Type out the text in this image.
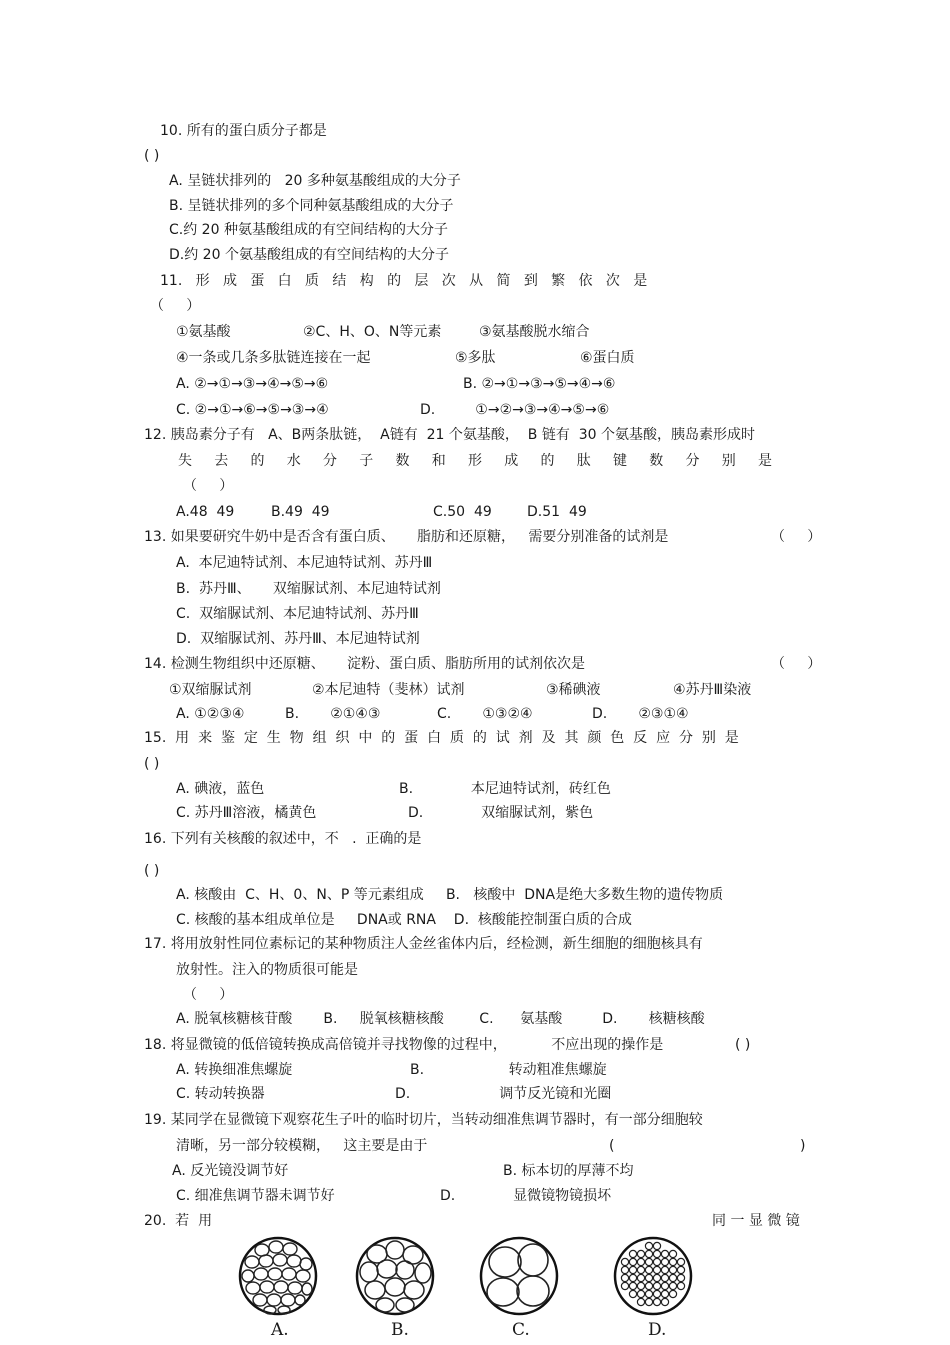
10. 所有的蛋白质分子都是
( )
A. 呈链状排列的   20 多种氨基酸组成的大分子
B. 呈链状排列的多个同种氨基酸组成的大分子
C.约 20 种氨基酸组成的有空间结构的大分子
D.约 20 个氨基酸组成的有空间结构的大分子
11.   形   成   蛋   白   质   结   构   的   层   次   从   简   到   繁   依   次   是
（     ）
①氨基酸	②C、H、O、N等元素	③氨基酸脱水缩合
④一条或几条多肽链连接在一起	⑤多肽	⑥蛋白质
A. ②→①→③→④→⑤→⑥	B. ②→①→③→⑤→④→⑥
C. ②→①→⑥→⑤→③→④	D.         ①→②→③→④→⑤→⑥
12. 胰岛素分子有   A、B两条肽链，  A链有  21 个氨基酸，  B 链有  30 个氨基酸，胰岛素形成时
失     去     的     水     分     子     数     和     形     成     的     肽     键     数     分     别     是
（     ）
A.48  49	B.49  49	C.50  49	D.51  49
13. 如果要研究牛奶中是否含有蛋白质、     脂肪和还原糖，   需要分别准备的试剂是	（     ）
A.  本尼迪特试剂、本尼迪特试剂、苏丹Ⅲ
B.  苏丹Ⅲ、     双缩脲试剂、本尼迪特试剂
C.  双缩脲试剂、本尼迪特试剂、苏丹Ⅲ
D.  双缩脲试剂、苏丹Ⅲ、本尼迪特试剂
14. 检测生物组织中还原糖、     淀粉、蛋白质、脂肪所用的试剂依次是	（     ）
①双缩脲试剂	②本尼迪特（斐林）试剂	③稀碘液	④苏丹Ⅲ染液
A. ①②③④	B.       ②①④③	C.       ①③②④	D.       ②③①④
15.  用  来  鉴  定  生  物  组  织  中  的  蛋  白  质  的  试  剂  及  其  颜  色  反  应  分  别  是
( )
A. 碘液，蓝色	B.             本尼迪特试剂，砖红色
C. 苏丹Ⅲ溶液，橘黄色	D.             双缩脲试剂，紫色
16. 下列有关核酸的叙述中，不   .  正确的是
( )
A. 核酸由  C、H、0、N、P 等元素组成     B.   核酸中  DNA是绝大多数生物的遗传物质
C. 核酸的基本组成单位是     DNA或 RNA    D.  核酸能控制蛋白质的合成
17. 将用放射性同位素标记的某种物质注人金丝雀体内后，经检测，新生细胞的细胞核具有
放射性。注入的物质很可能是
（     ）
A. 脱氧核糖核苷酸       B.     脱氧核糖核酸        C.      氨基酸         D.       核糖核酸
18. 将显微镜的低倍镜转换成高倍镜并寻找物像的过程中，          不应出现的操作是	( )
A. 转换细准焦螺旋	B.                   转动粗准焦螺旋
C. 转动转换器	D.                    调节反光镜和光圈
19. 某同学在显微镜下观察花生子叶的临时切片，当转动细准焦调节器时，有一部分细胞较
清晰，另一部分较模糊，   这主要是由于	(	)
A. 反光镜没调节好	B. 标本切的厚薄不均
C. 细准焦调节器未调节好	D.             显微镜物镜损坏
20.  若  用	同 一 显 微 镜
A.	B.	C.	D.
